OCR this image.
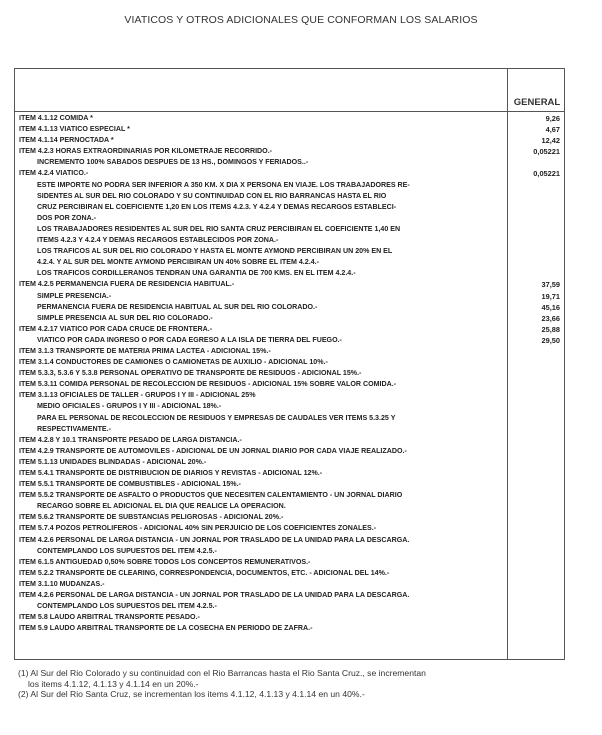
VIATICOS Y OTROS ADICIONALES QUE CONFORMAN LOS SALARIOS
GENERAL
ITEM 4.1.12 COMIDA *	9,26
ITEM 4.1.13 VIATICO ESPECIAL *	4,67
ITEM 4.1.14 PERNOCTADA *	12,42
ITEM 4.2.3 HORAS EXTRAORDINARIAS POR KILOMETRAJE RECORRIDO.-	0,05221
INCREMENTO 100% SABADOS DESPUES DE 13 HS., DOMINGOS Y FERIADOS..-
ITEM 4.2.4 VIATICO.-	0,05221
ESTE IMPORTE NO PODRA SER INFERIOR A 350 KM. X DIA X PERSONA EN VIAJE. LOS TRABAJADORES RE-
SIDENTES AL SUR DEL RIO COLORADO Y SU CONTINUIDAD CON EL RIO BARRANCAS HASTA EL RIO
CRUZ PERCIBIRAN EL COEFICIENTE 1,20 EN LOS ITEMS 4.2.3. Y 4.2.4 Y DEMAS RECARGOS ESTABLECI-
DOS POR ZONA.-
LOS TRABAJADORES RESIDENTES AL SUR DEL RIO SANTA CRUZ PERCIBIRAN EL COEFICIENTE 1,40 EN
ITEMS 4.2.3 Y 4.2.4 Y DEMAS RECARGOS ESTABLECIDOS POR ZONA.-
LOS TRAFICOS AL SUR DEL RIO COLORADO Y HASTA EL MONTE AYMOND PERCIBIRAN UN 20% EN EL
4.2.4. Y AL SUR DEL MONTE AYMOND PERCIBIRAN UN 40% SOBRE EL ITEM 4.2.4.-
LOS TRAFICOS CORDILLERANOS TENDRAN UNA GARANTIA DE 700 KMS. EN EL ITEM 4.2.4.-
ITEM 4.2.5 PERMANENCIA FUERA DE RESIDENCIA HABITUAL.-	37,59
SIMPLE PRESENCIA.-	19,71
PERMANENCIA FUERA DE RESIDENCIA HABITUAL AL SUR DEL RIO COLORADO.-	45,16
SIMPLE PRESENCIA AL SUR DEL RIO COLORADO.-	23,66
ITEM 4.2.17 VIATICO POR CADA CRUCE DE FRONTERA.-	25,88
VIATICO POR CADA INGRESO O POR CADA EGRESO A LA ISLA DE TIERRA DEL FUEGO.-	29,50
ITEM 3.1.3 TRANSPORTE DE MATERIA PRIMA LACTEA - ADICIONAL 15%.-
ITEM 3.1.4 CONDUCTORES DE CAMIONES O CAMIONETAS DE AUXILIO - ADICIONAL 10%.-
ITEM 5.3.3, 5.3.6 Y 5.3.8 PERSONAL OPERATIVO DE TRANSPORTE DE RESIDUOS - ADICIONAL 15%.-
ITEM 5.3.11 COMIDA PERSONAL DE RECOLECCION DE RESIDUOS - ADICIONAL 15% SOBRE VALOR COMIDA.-
ITEM 3.1.13 OFICIALES DE TALLER - GRUPOS I Y III - ADICIONAL 25%
MEDIO OFICIALES - GRUPOS I Y III - ADICIONAL 18%.-
PARA EL PERSONAL DE RECOLECCION DE RESIDUOS Y EMPRESAS DE CAUDALES VER ITEMS 5.3.25 Y
RESPECTIVAMENTE.-
ITEM 4.2.8 Y 10.1 TRANSPORTE PESADO DE LARGA DISTANCIA.-
ITEM 4.2.9 TRANSPORTE DE AUTOMOVILES - ADICIONAL DE UN JORNAL DIARIO POR CADA VIAJE REALIZADO.-
ITEM 5.1.13 UNIDADES BLINDADAS - ADICIONAL 20%.-
ITEM 5.4.1 TRANSPORTE DE DISTRIBUCION DE DIARIOS Y REVISTAS - ADICIONAL 12%.-
ITEM 5.5.1 TRANSPORTE DE COMBUSTIBLES - ADICIONAL 15%.-
ITEM 5.5.2 TRANSPORTE DE ASFALTO O PRODUCTOS QUE NECESITEN CALENTAMIENTO - UN JORNAL DIARIO
RECARGO SOBRE EL ADICIONAL EL DIA QUE REALICE LA OPERACION.
ITEM 5.6.2 TRANSPORTE DE SUBSTANCIAS PELIGROSAS - ADICIONAL 20%.-
ITEM 5.7.4 POZOS PETROLIFEROS - ADICIONAL 40% SIN PERJUICIO DE LOS COEFICIENTES ZONALES.-
ITEM 4.2.6 PERSONAL DE LARGA DISTANCIA - UN JORNAL POR TRASLADO DE LA UNIDAD PARA LA DESCARGA.
CONTEMPLANDO LOS SUPUESTOS DEL ITEM 4.2.5.-
ITEM 6.1.5 ANTIGUEDAD 0,50% SOBRE TODOS LOS CONCEPTOS REMUNERATIVOS.-
ITEM 5.2.2 TRANSPORTE DE CLEARING, CORRESPONDENCIA, DOCUMENTOS, ETC. - ADICIONAL DEL 14%.-
ITEM 3.1.10 MUDANZAS.-
ITEM 4.2.6 PERSONAL DE LARGA DISTANCIA - UN JORNAL POR TRASLADO DE LA UNIDAD PARA LA DESCARGA.
CONTEMPLANDO LOS SUPUESTOS DEL ITEM 4.2.5.-
ITEM 5.8 LAUDO ARBITRAL TRANSPORTE PESADO.-
ITEM 5.9 LAUDO ARBITRAL TRANSPORTE DE LA COSECHA EN PERIODO DE ZAFRA.-
(1) Al Sur del Rio Colorado y su continuidad con el Rio Barrancas hasta el Rio Santa Cruz., se incrementan
los items 4.1.12, 4.1.13 y 4.1.14 en un 20%.-
(2) Al Sur del Rio Santa Cruz, se incrementan los items 4.1.12, 4.1.13 y 4.1.14 en un 40%.-
